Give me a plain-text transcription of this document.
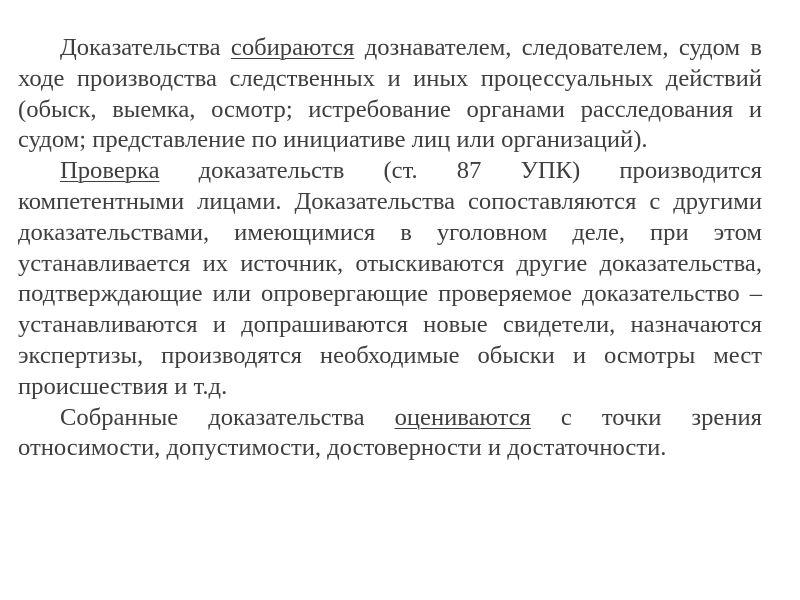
Доказательства собираются дознавателем, следователем, судом в ходе производства следственных и иных процессуальных действий (обыск, выемка, осмотр; истребование органами расследования и судом; представление по инициативе лиц или организаций).

Проверка доказательств (ст. 87 УПК) производится компетентными лицами. Доказательства сопоставляются с другими доказательствами, имеющимися в уголовном деле, при этом устанавливается их источник, отыскиваются другие доказательства, подтверждающие или опровергающие проверяемое доказательство – устанавливаются и допрашиваются новые свидетели, назначаются экспертизы, производятся необходимые обыски и осмотры мест происшествия и т.д.

Собранные доказательства оцениваются с точки зрения относимости, допустимости, достоверности и достаточности.
